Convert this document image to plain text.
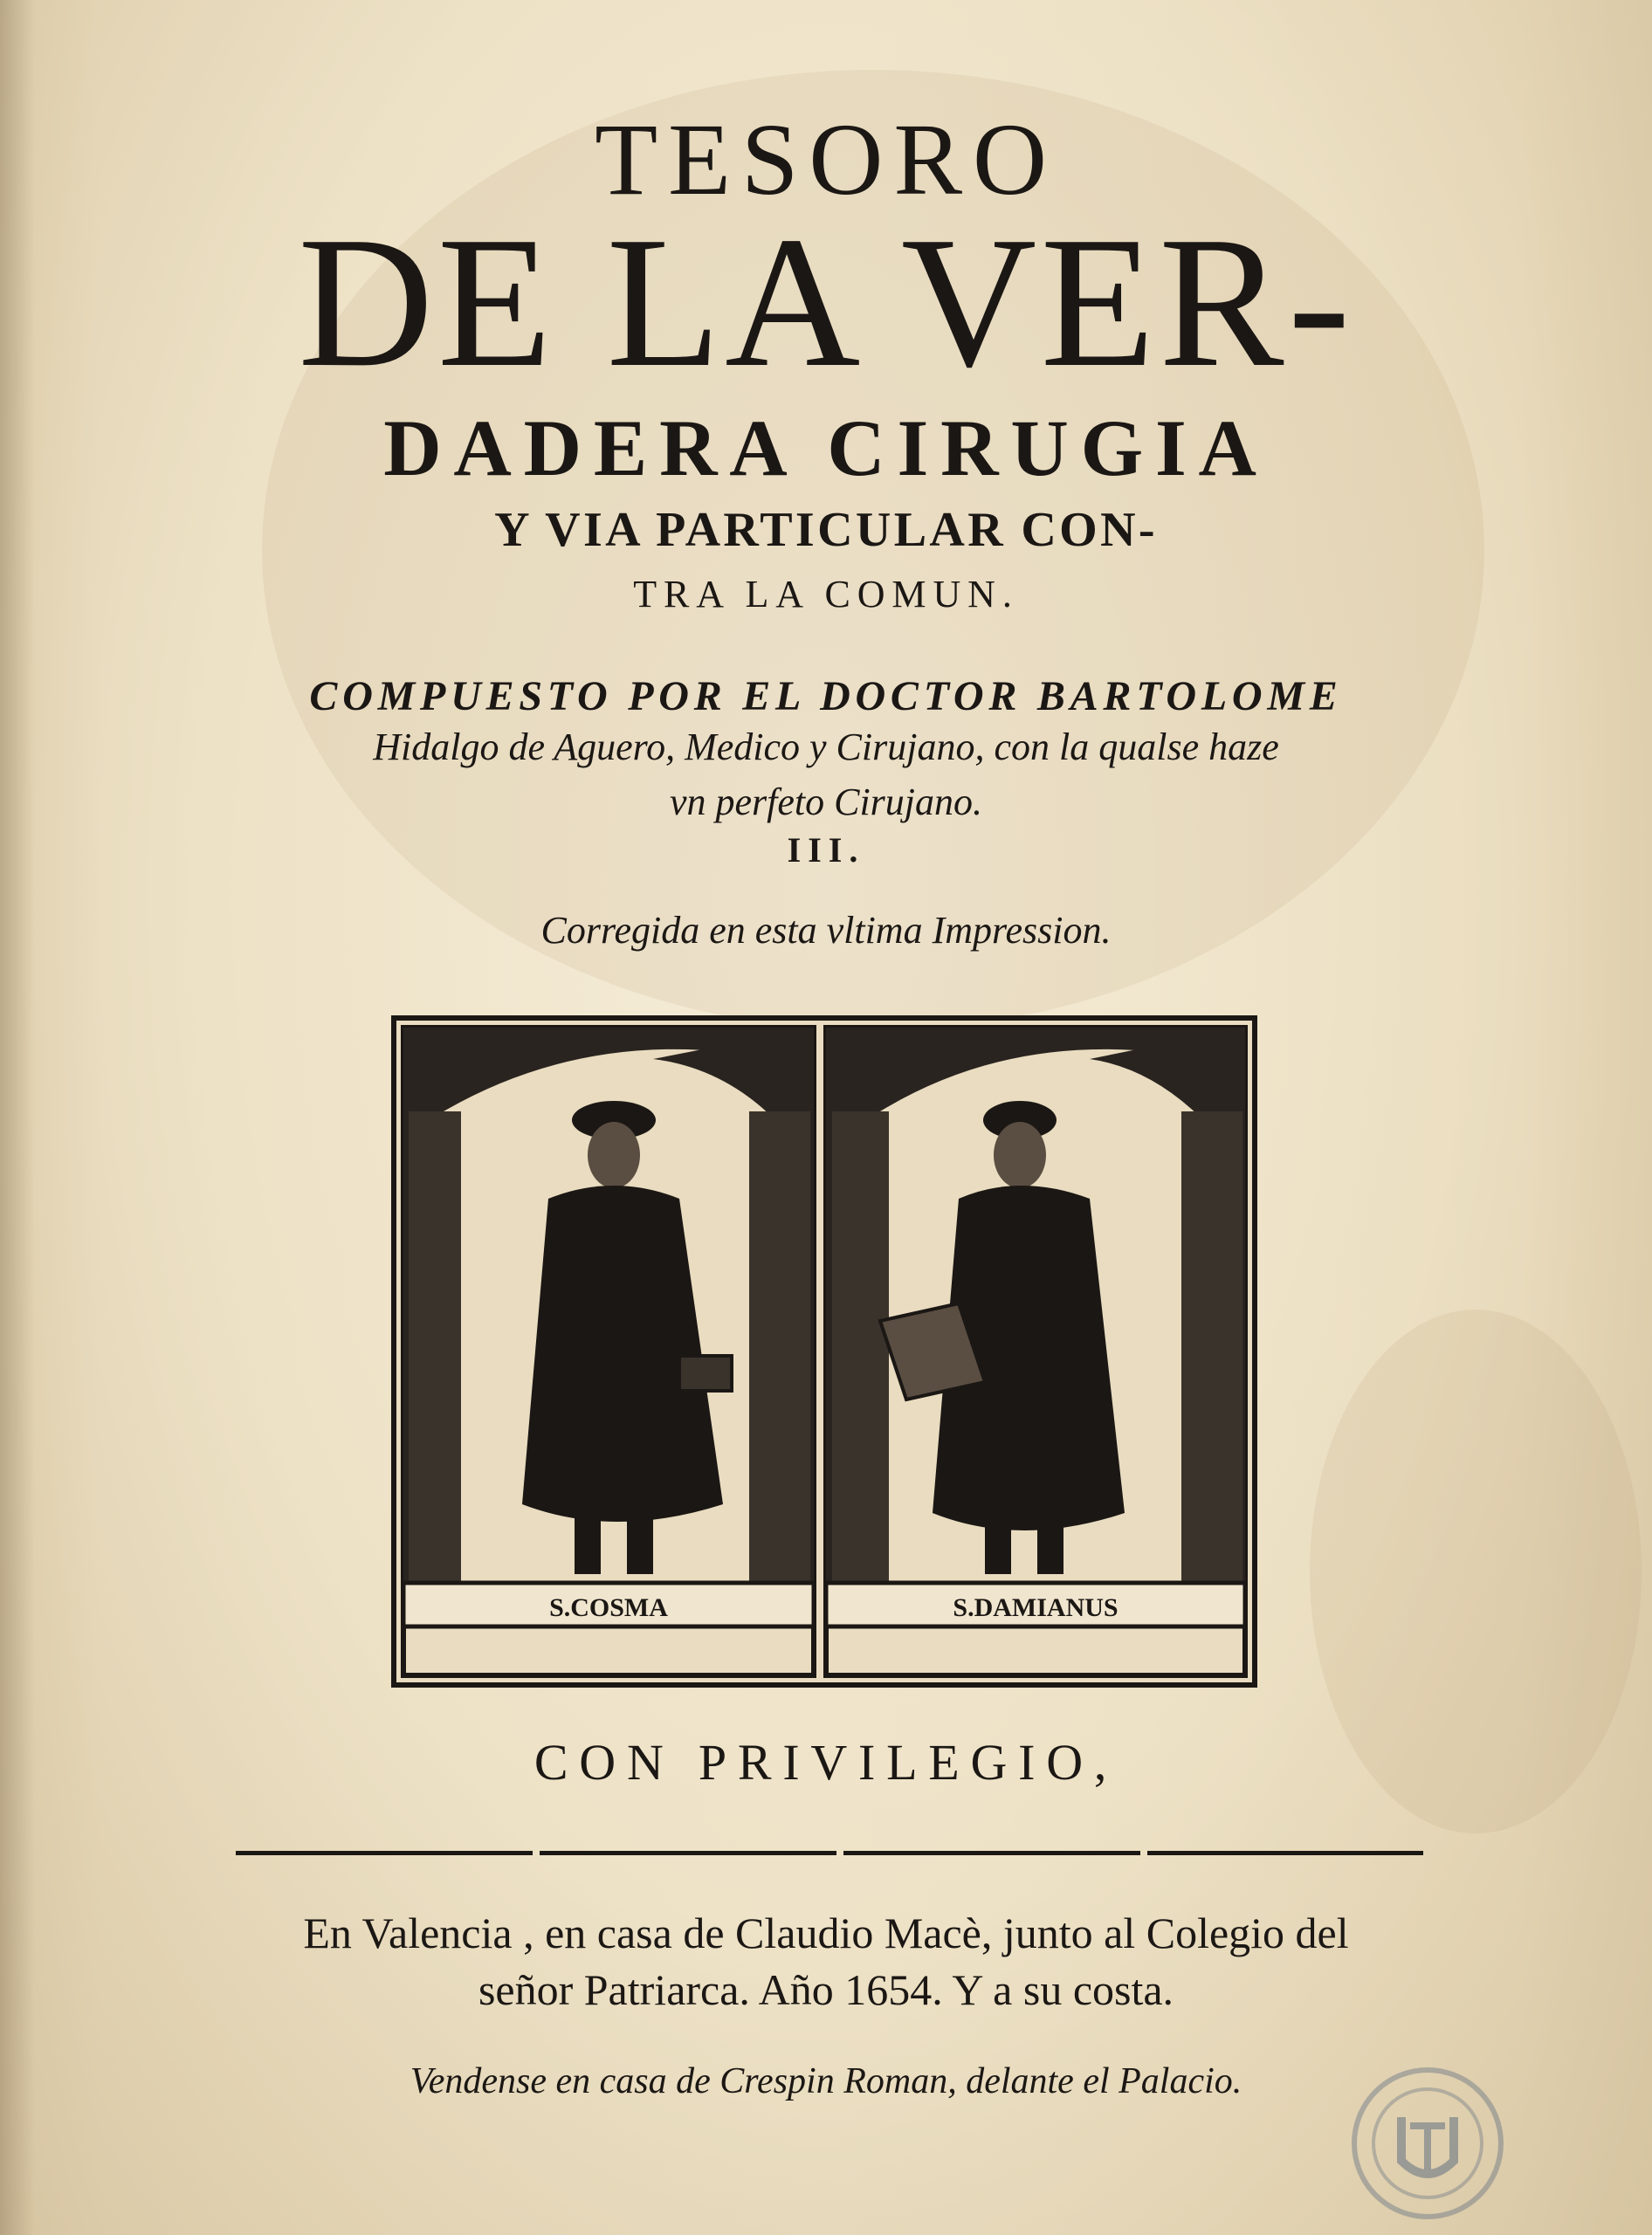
TESORO
DE LA VER-
DADERA CIRUGIA
Y VIA PARTICULAR CON-
TRA LA COMUN.
COMPUESTO POR EL DOCTOR BARTOLOME
Hidalgo de Aguero, Medico y Cirujano, con la qualse haze
vn perfeto Cirujano.
III.
Corregida en esta vltima Impression.
S.COSMA	S.DAMIANUS
CON PRIVILEGIO,
En Valencia , en casa de Claudio Macè, junto al Colegio del
señor Patriarca. Año 1654. Y a su costa.
Vendense en casa de Crespin Roman, delante el Palacio.
